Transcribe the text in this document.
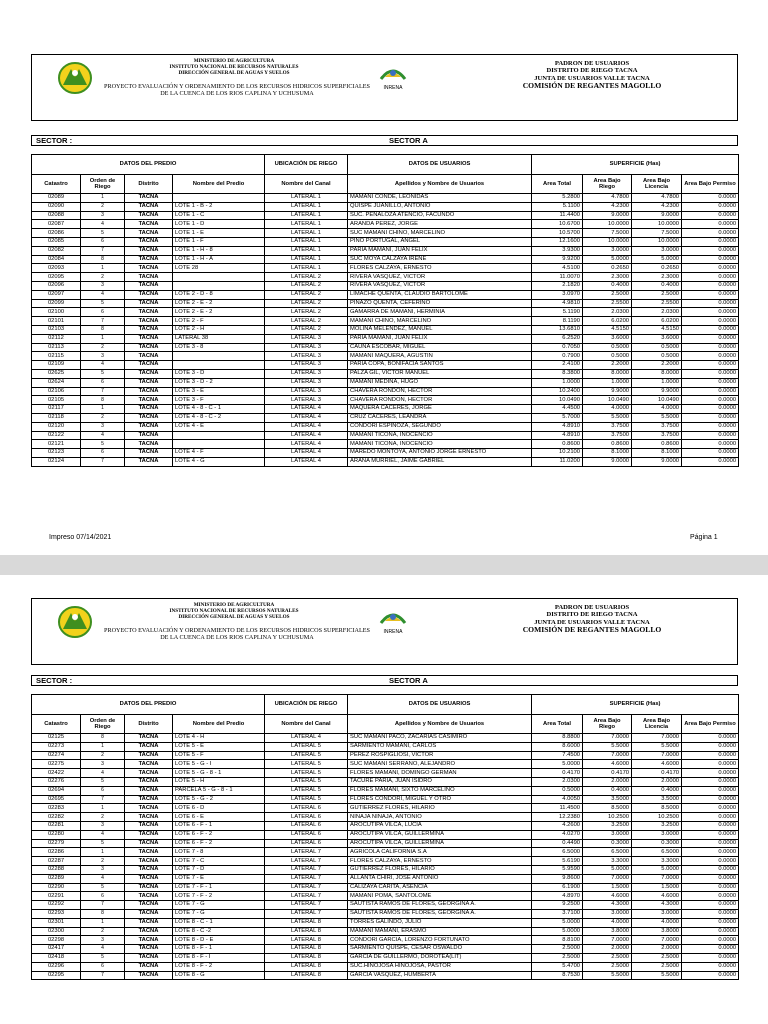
MINISTERIO DE AGRICULTURA
INSTITUTO NACIONAL DE RECURSOS NATURALES
DIRECCIÓN GENERAL DE AGUAS Y SUELOS
PROYECTO EVALUACIÓN Y ORDENAMIENTO DE LOS RECURSOS HIDRICOS SUPERFICIALES
DE LA CUENCA DE LOS RIOS CAPLINA Y UCHUSUMA
INRENA
PADRON DE USUARIOS
DISTRITO DE RIEGO TACNA
JUNTA DE USUARIOS VALLE TACNA
COMISIÓN DE REGANTES MAGOLLO
SECTOR :	SECTOR A
DATOS DEL PREDIO				UBICACIÓN DE RIEGO	DATOS DE USUARIOS	SUPERFICIE (Has)			
Catastro	Orden de Riego	Distrito	Nombre del Predio	Nombre del Canal	Apellidos y Nombre de Usuarios	Area Total	Area Bajo Riego	Area Bajo Licencia	Area Bajo Permiso
02089	1	TACNA		LATERAL 1	MAMANI CONDE, LEONIDAS	5.2800	4.7800	4.7800	0.0000
02090	2	TACNA	LOTE 1 - B - 2	LATERAL 1	QUISPE JUANILLO, ANTONIO	5.1100	4.2300	4.2300	0.0000
02088	3	TACNA	LOTE 1 - C	LATERAL 1	SUC. PEÑALOZA ATENCIO, FACUNDO	11.4400	9.0000	9.0000	0.0000
02087	4	TACNA	LOTE 1 - D	LATERAL 1	ARANDA PEREZ, JORGE	10.6700	10.0000	10.0000	0.0000
02086	5	TACNA	LOTE 1 - E	LATERAL 1	SUC MAMANI CHINO, MARCELINO	10.5700	7.5000	7.5000	0.0000
02085	6	TACNA	LOTE 1 - F	LATERAL 1	PINO PORTUGAL, ANGEL	12.1600	10.0000	10.0000	0.0000
02082	7	TACNA	LOTE 1 - H - 8	LATERAL 1	PARIA MAMANI, JUAN FELIX	3.9300	3.0000	3.0000	0.0000
02084	8	TACNA	LOTE 1 - H - A	LATERAL 1	SUC MOYA CALZAYA IRENE	9.9200	5.0000	5.0000	0.0000
02093	1	TACNA	LOTE 28	LATERAL 1	FLORES CALZAYA, ERNESTO	4.5100	0.2650	0.2650	0.0000
02095	2	TACNA		LATERAL 2	RIVERA VASQUEZ, VICTOR	11.0070	2.3000	2.3000	0.0000
02096	3	TACNA		LATERAL 2	RIVERA VASQUEZ, VICTOR	2.1820	0.4000	0.4000	0.0000
02097	4	TACNA	LOTE 2 - D - 8	LATERAL 2	LIMACHE QUENTA, CLAUDIO BARTOLOME	3.0970	2.5000	2.5000	0.0000
02099	5	TACNA	LOTE 2 - E - 2	LATERAL 2	PINAZO QUENTA, CEFERINO	4.9810	2.5500	2.5500	0.0000
02100	6	TACNA	LOTE 2 - E - 2	LATERAL 2	GAMARRA DE MAMANI, HERMINIA	5.1190	2.0300	2.0300	0.0000
02101	7	TACNA	LOTE 2 - F	LATERAL 2	MAMANI CHINO, MARCELINO	8.1190	6.0200	6.0200	0.0000
02103	8	TACNA	LOTE 2 - H	LATERAL 2	MOLINA MELENDEZ, MANUEL	13.6810	4.5150	4.5150	0.0000
02112	1	TACNA	LATERAL 38	LATERAL 3	PARIA MAMANI, JUAN FELIX	6.2520	3.6000	3.6000	0.0000
02113	2	TACNA	LOTE 3 - 8	LATERAL 3	CAUNA ESCOBAR, MIGUEL	0.7050	0.5000	0.5000	0.0000
02115	3	TACNA		LATERAL 3	MAMANI MAQUERA, AGUSTIN	0.7900	0.5000	0.5000	0.0000
02109	4	TACNA		LATERAL 3	PARIA COPA, BONIFACIA SANTOS	2.4100	2.2000	2.2000	0.0000
02625	5	TACNA	LOTE 3 - D	LATERAL 3	PALZA GIL, VICTOR MANUEL	8.3800	8.0000	8.0000	0.0000
02624	6	TACNA	LOTE 3 - D - 2	LATERAL 3	MAMANI MEDINA, HUGO	1.0000	1.0000	1.0000	0.0000
02106	7	TACNA	LOTE 3 - E	LATERAL 3	CHAVERA RONDON, HECTOR	10.2400	9.9000	9.9000	0.0000
02105	8	TACNA	LOTE 3 - F	LATERAL 3	CHAVERA RONDON, HECTOR	10.0490	10.0490	10.0490	0.0000
02117	1	TACNA	LOTE 4 - 8 - C - 1	LATERAL 4	MAQUERA CACERES, JORGE	4.4500	4.0000	4.0000	0.0000
02118	2	TACNA	LOTE 4 - 8 - C - 2	LATERAL 4	CRUZ CACERES, LEANDRA	5.7000	5.5000	5.5000	0.0000
02120	3	TACNA	LOTE 4 - E	LATERAL 4	CONDORI ESPINOZA, SEGUNDO	4.8910	3.7500	3.7500	0.0000
02122	4	TACNA		LATERAL 4	MAMANI TICONA, INOCENCIO	4.8910	3.7500	3.7500	0.0000
02121	5	TACNA		LATERAL 4	MAMANI TICONA, INOCENCIO	0.8600	0.8600	0.8600	0.0000
02123	6	TACNA	LOTE 4 - F	LATERAL 4	MAREDO MONTOYA, ANTONIO JORGE ERNESTO	10.2100	8.1000	8.1000	0.0000
02124	7	TACNA	LOTE 4 - G	LATERAL 4	ARANA MURRIEL, JAIME GABRIEL	11.0200	9.0000	9.0000	0.0000
Impreso 07/14/2021	Página 1
MINISTERIO DE AGRICULTURA
INSTITUTO NACIONAL DE RECURSOS NATURALES
DIRECCIÓN GENERAL DE AGUAS Y SUELOS
PROYECTO EVALUACIÓN Y ORDENAMIENTO DE LOS RECURSOS HIDRICOS SUPERFICIALES
DE LA CUENCA DE LOS RIOS CAPLINA Y UCHUSUMA
INRENA
PADRON DE USUARIOS
DISTRITO DE RIEGO TACNA
JUNTA DE USUARIOS VALLE TACNA
COMISIÓN DE REGANTES MAGOLLO
SECTOR :	SECTOR A
DATOS DEL PREDIO				UBICACIÓN DE RIEGO	DATOS DE USUARIOS	SUPERFICIE (Has)			
Catastro	Orden de Riego	Distrito	Nombre del Predio	Nombre del Canal	Apellidos y Nombre de Usuarios	Area Total	Area Bajo Riego	Area Bajo Licencia	Area Bajo Permiso
02125	8	TACNA	LOTE 4 - H	LATERAL 4	SUC MAMANI PACO, ZACARIAS CASIMIRO	8.8800	7.0000	7.0000	0.0000
02273	1	TACNA	LOTE 5 - E	LATERAL 5	SARMIENTO MAMANI, CARLOS	8.6000	5.5000	5.5000	0.0000
02274	2	TACNA	LOTE 5 - F	LATERAL 5	PEREZ ROSPIGLIOSI, VICTOR	7.4500	7.0000	7.0000	0.0000
02275	3	TACNA	LOTE 5 - G - I	LATERAL 5	SUC MAMANI SERRANO, ALEJANDRO	5.0000	4.6000	4.6000	0.0000
02422	4	TACNA	LOTE 5 - G - 8 - 1	LATERAL 5	FLORES MAMANI, DOMINGO GERMAN	0.4170	0.4170	0.4170	0.0000
02276	5	TACNA	LOTE 5 - H	LATERAL 5	TACURE PARIA, JUAN ISIDRO	2.0300	2.0000	2.0000	0.0000
02694	6	TACNA	PARCELA 5 - G - 8 - 1	LATERAL 5	FLORES MAMANI, SIXTO MARCELINO	0.5000	0.4000	0.4000	0.0000
02695	7	TACNA	LOTE 5 - G - 2	LATERAL 5	FLORES CONDORI, MIGUEL Y OTRO	4.0050	3.5000	3.5000	0.0000
02283	1	TACNA	LOTE 6 - D	LATERAL 6	GUTIERREZ FLORES, HILARIO	11.4500	8.5000	8.5000	0.0000
02282	2	TACNA	LOTE 6 - E	LATERAL 6	NINAJA NINAJA, ANTONIO	12.2380	10.2500	10.2500	0.0000
02281	3	TACNA	LOTE 6 - F - 1	LATERAL 6	AROCUTIPA VILCA, LUCIA	4.2600	3.2500	3.2500	0.0000
02280	4	TACNA	LOTE 6 - F - 2	LATERAL 6	AROCUTIPA VILCA, GUILLERMINA	4.0270	3.0000	3.0000	0.0000
02279	5	TACNA	LOTE 6 - F - 2	LATERAL 6	AROCUTIPA VILCA, GUILLERMINA	0.4490	0.3000	0.3000	0.0000
02286	1	TACNA	LOTE 7 - 8	LATERAL 7	AGRICOLA CALIFORNIA S.A	6.5000	6.5000	6.5000	0.0000
02287	2	TACNA	LOTE 7 - C	LATERAL 7	FLORES CALZAYA, ERNESTO	5.6190	3.3000	3.3000	0.0000
02288	3	TACNA	LOTE 7 - D	LATERAL 7	GUTIERREZ FLORES, HILARIO	5.9590	5.0000	5.0000	0.0000
02289	4	TACNA	LOTE 7 - E	LATERAL 7	ALLANTA CHIRI, JOSE ANTONIO	9.8600	7.0000	7.0000	0.0000
02290	5	TACNA	LOTE 7 - F - 1	LATERAL 7	CALIZAYA CARITA, ASENCIA	6.1900	1.5000	1.5000	0.0000
02291	6	TACNA	LOTE 7 - F - 2	LATERAL 7	MAMANI POMA, SANTOLOME	4.8970	4.6000	4.6000	0.0000
02292	7	TACNA	LOTE 7 - G	LATERAL 7	SAUTISTA RAMOS DE FLORES, GEORGINA A.	9.2500	4.3000	4.3000	0.0000
02293	8	TACNA	LOTE 7 - G	LATERAL 7	SAUTISTA RAMOS DE FLORES, GEORGINA A.	3.7100	3.0000	3.0000	0.0000
02301	1	TACNA	LOTE 8 - C - 1	LATERAL 8	TORRES GALINDO, JULIO	5.0000	4.0000	4.0000	0.0000
02300	2	TACNA	LOTE 8 - C -2	LATERAL 8	MAMANI MAMANI, ERASMO	5.0000	3.8000	3.8000	0.0000
02298	3	TACNA	LOTE 8 - D - E	LATERAL 8	CONDORI GARCIA, LORENZO FORTUNATO	8.8100	7.0000	7.0000	0.0000
02417	4	TACNA	LOTE 8 - F - 1	LATERAL 8	SARMIENTO QUISPE, CESAR OSWALDO	2.5000	2.0000	2.0000	0.0000
02418	5	TACNA	LOTE 8 - F - I	LATERAL 8	GARCIA DE GUILLERMO, DOROTEA(LIT)	2.5000	2.5000	2.5000	0.0000
02296	6	TACNA	LOTE 8 - F - 2	LATERAL 8	SUC.HINOJOSA HINOJOSA, PASTOR	5.4700	2.5000	2.5000	0.0000
02295	7	TACNA	LOTE 8 - G	LATERAL 8	GARCIA VASQUEZ, HUMBERTA	8.7530	5.5000	5.5000	0.0000
